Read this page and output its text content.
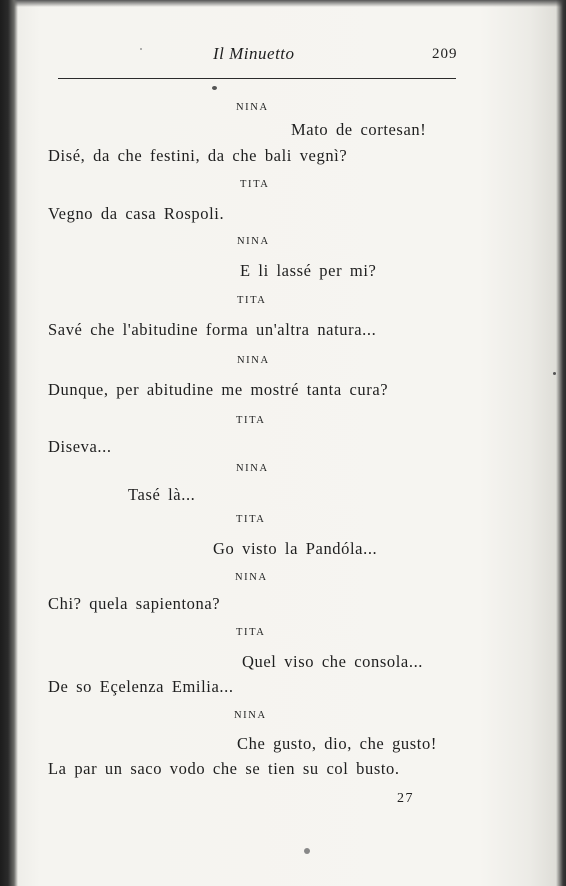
Il Minuetto	209
NINA
Mato de cortesan!
Disé, da che festini, da che bali vegnì?
TITA
Vegno da casa Rospoli.
NINA
E li lassé per mi?
TITA
Savé che l'abitudine forma un'altra natura...
NINA
Dunque, per abitudine me mostré tanta cura?
TITA
Diseva...
NINA
Tasé là...
TITA
Go visto la Pandóla...
NINA
Chi? quela sapientona?
TITA
Quel viso che consola...
De so Eçelenza Emilia...
NINA
Che gusto, dio, che gusto!
La par un saco vodo che se tien su col busto.
27
